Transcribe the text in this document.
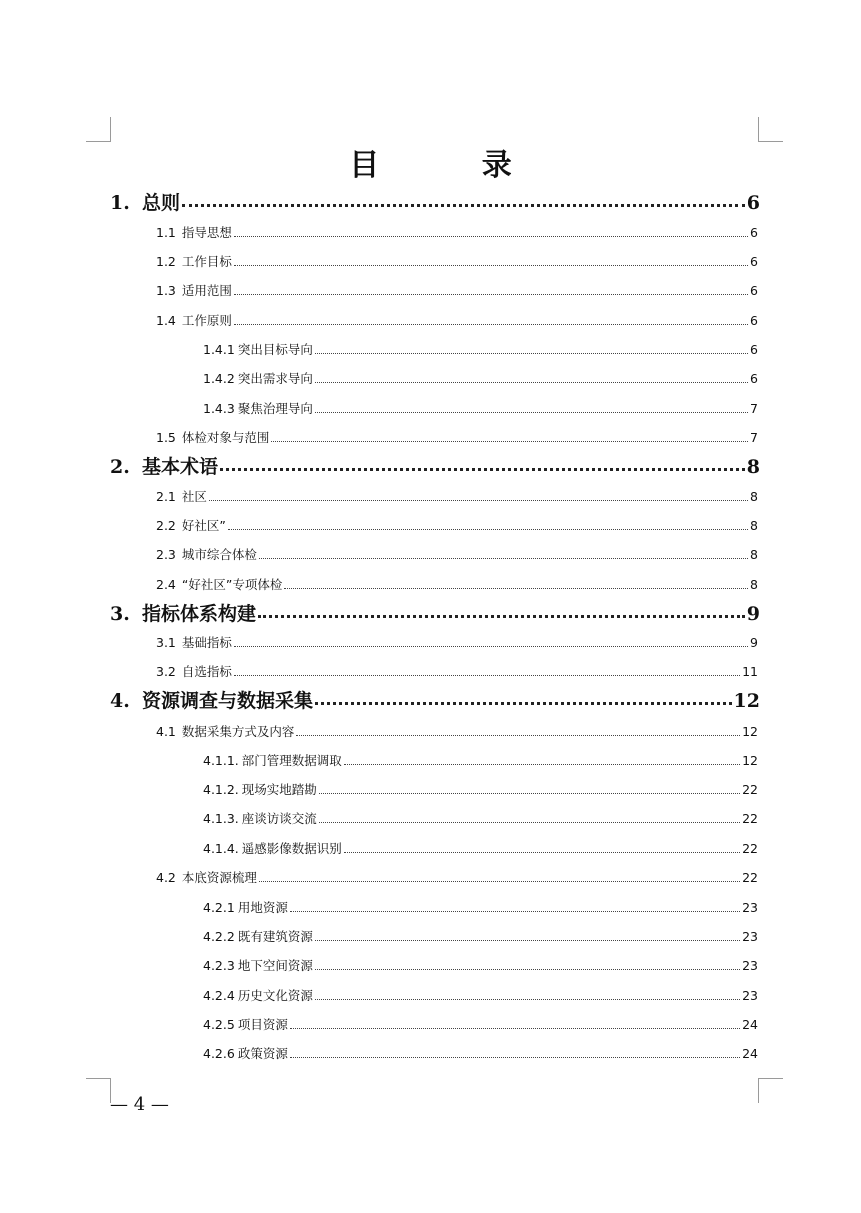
目 录
1. 总则	6
1.1 指导思想	6
1.2 工作目标	6
1.3 适用范围	6
1.4 工作原则	6
1.4.1 突出目标导向	6
1.4.2 突出需求导向	6
1.4.3 聚焦治理导向	7
1.5 体检对象与范围	7
2. 基本术语	8
2.1 社区	8
2.2 好社区”	8
2.3 城市综合体检	8
2.4 “好社区”专项体检	8
3. 指标体系构建	9
3.1 基础指标	9
3.2 自选指标	11
4. 资源调查与数据采集	12
4.1 数据采集方式及内容	12
4.1.1. 部门管理数据调取	12
4.1.2. 现场实地踏勘	22
4.1.3. 座谈访谈交流	22
4.1.4. 遥感影像数据识别	22
4.2 本底资源梳理	22
4.2.1 用地资源	23
4.2.2 既有建筑资源	23
4.2.3 地下空间资源	23
4.2.4 历史文化资源	23
4.2.5 项目资源	24
4.2.6 政策资源	24
— 4 —
